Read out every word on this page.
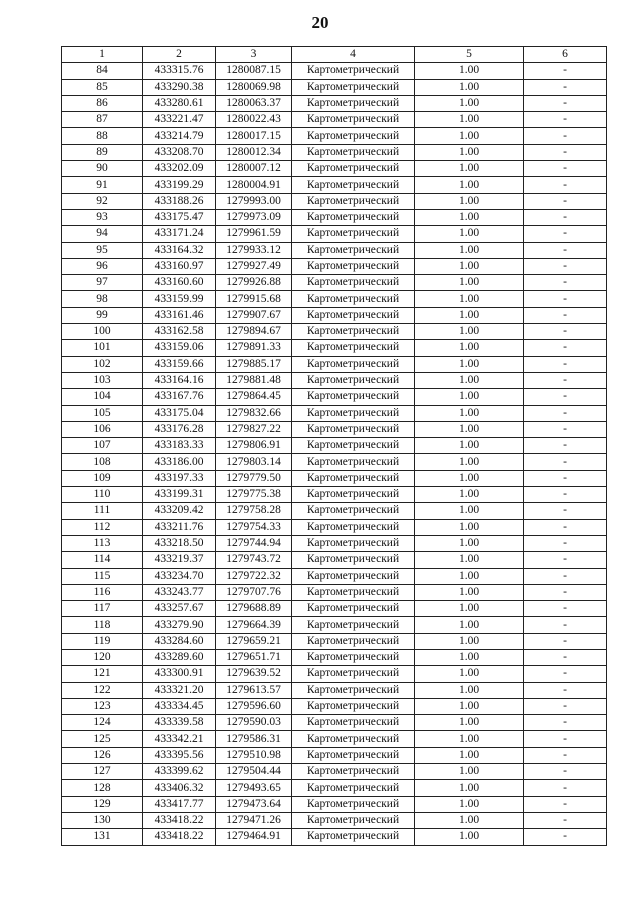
20
1	2	3	4	5	6
84	433315.76	1280087.15	Картометрический	1.00	-
85	433290.38	1280069.98	Картометрический	1.00	-
86	433280.61	1280063.37	Картометрический	1.00	-
87	433221.47	1280022.43	Картометрический	1.00	-
88	433214.79	1280017.15	Картометрический	1.00	-
89	433208.70	1280012.34	Картометрический	1.00	-
90	433202.09	1280007.12	Картометрический	1.00	-
91	433199.29	1280004.91	Картометрический	1.00	-
92	433188.26	1279993.00	Картометрический	1.00	-
93	433175.47	1279973.09	Картометрический	1.00	-
94	433171.24	1279961.59	Картометрический	1.00	-
95	433164.32	1279933.12	Картометрический	1.00	-
96	433160.97	1279927.49	Картометрический	1.00	-
97	433160.60	1279926.88	Картометрический	1.00	-
98	433159.99	1279915.68	Картометрический	1.00	-
99	433161.46	1279907.67	Картометрический	1.00	-
100	433162.58	1279894.67	Картометрический	1.00	-
101	433159.06	1279891.33	Картометрический	1.00	-
102	433159.66	1279885.17	Картометрический	1.00	-
103	433164.16	1279881.48	Картометрический	1.00	-
104	433167.76	1279864.45	Картометрический	1.00	-
105	433175.04	1279832.66	Картометрический	1.00	-
106	433176.28	1279827.22	Картометрический	1.00	-
107	433183.33	1279806.91	Картометрический	1.00	-
108	433186.00	1279803.14	Картометрический	1.00	-
109	433197.33	1279779.50	Картометрический	1.00	-
110	433199.31	1279775.38	Картометрический	1.00	-
111	433209.42	1279758.28	Картометрический	1.00	-
112	433211.76	1279754.33	Картометрический	1.00	-
113	433218.50	1279744.94	Картометрический	1.00	-
114	433219.37	1279743.72	Картометрический	1.00	-
115	433234.70	1279722.32	Картометрический	1.00	-
116	433243.77	1279707.76	Картометрический	1.00	-
117	433257.67	1279688.89	Картометрический	1.00	-
118	433279.90	1279664.39	Картометрический	1.00	-
119	433284.60	1279659.21	Картометрический	1.00	-
120	433289.60	1279651.71	Картометрический	1.00	-
121	433300.91	1279639.52	Картометрический	1.00	-
122	433321.20	1279613.57	Картометрический	1.00	-
123	433334.45	1279596.60	Картометрический	1.00	-
124	433339.58	1279590.03	Картометрический	1.00	-
125	433342.21	1279586.31	Картометрический	1.00	-
126	433395.56	1279510.98	Картометрический	1.00	-
127	433399.62	1279504.44	Картометрический	1.00	-
128	433406.32	1279493.65	Картометрический	1.00	-
129	433417.77	1279473.64	Картометрический	1.00	-
130	433418.22	1279471.26	Картометрический	1.00	-
131	433418.22	1279464.91	Картометрический	1.00	-
